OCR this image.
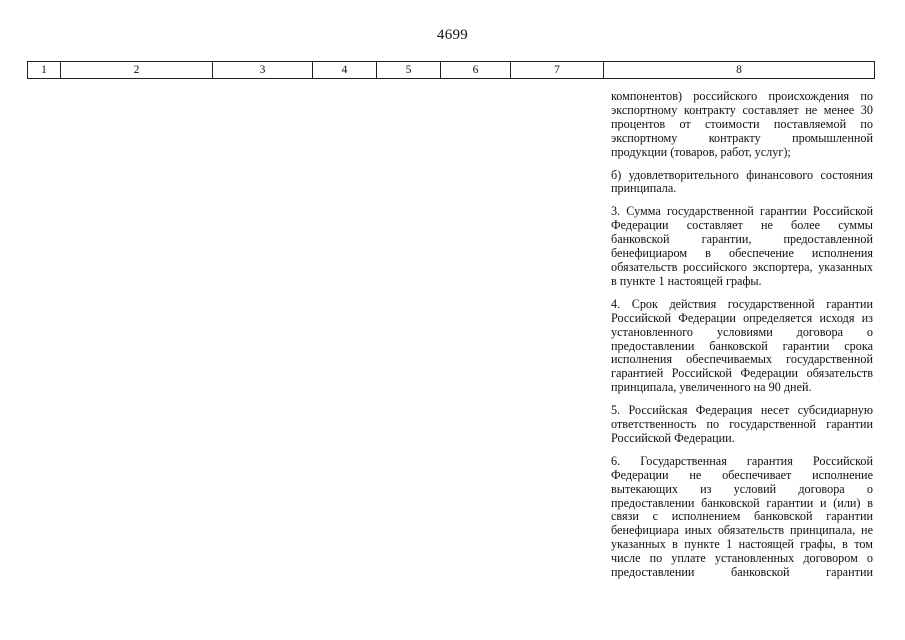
4699
1	2	3	4	5	6	7	8

компонентов) российского происхождения по экспортному контракту составляет не менее 30 процентов от стоимости поставляемой по экспортному контракту промышленной продукции (товаров, работ, услуг);

б) удовлетворительного финансового состояния принципала.

3. Сумма государственной гарантии Российской Федерации составляет не более суммы банковской гарантии, предоставленной бенефициаром в обеспечение исполнения обязательств российского экспортера, указанных в пункте 1 настоящей графы.

4. Срок действия государственной гарантии Российской Федерации определяется исходя из установленного условиями договора о предоставлении банковской гарантии срока исполнения обеспечиваемых государственной гарантией Российской Федерации обязательств принципала, увеличенного на 90 дней.

5. Российская Федерация несет субсидиарную ответственность по государственной гарантии Российской Федерации.

6. Государственная гарантия Российской Федерации не обеспечивает исполнение вытекающих из условий договора о предоставлении банковской гарантии и (или) в связи с исполнением банковской гарантии бенефициара иных обязательств принципала, не указанных в пункте 1 настоящей графы, в том числе по уплате установленных договором о предоставлении банковской гарантии
